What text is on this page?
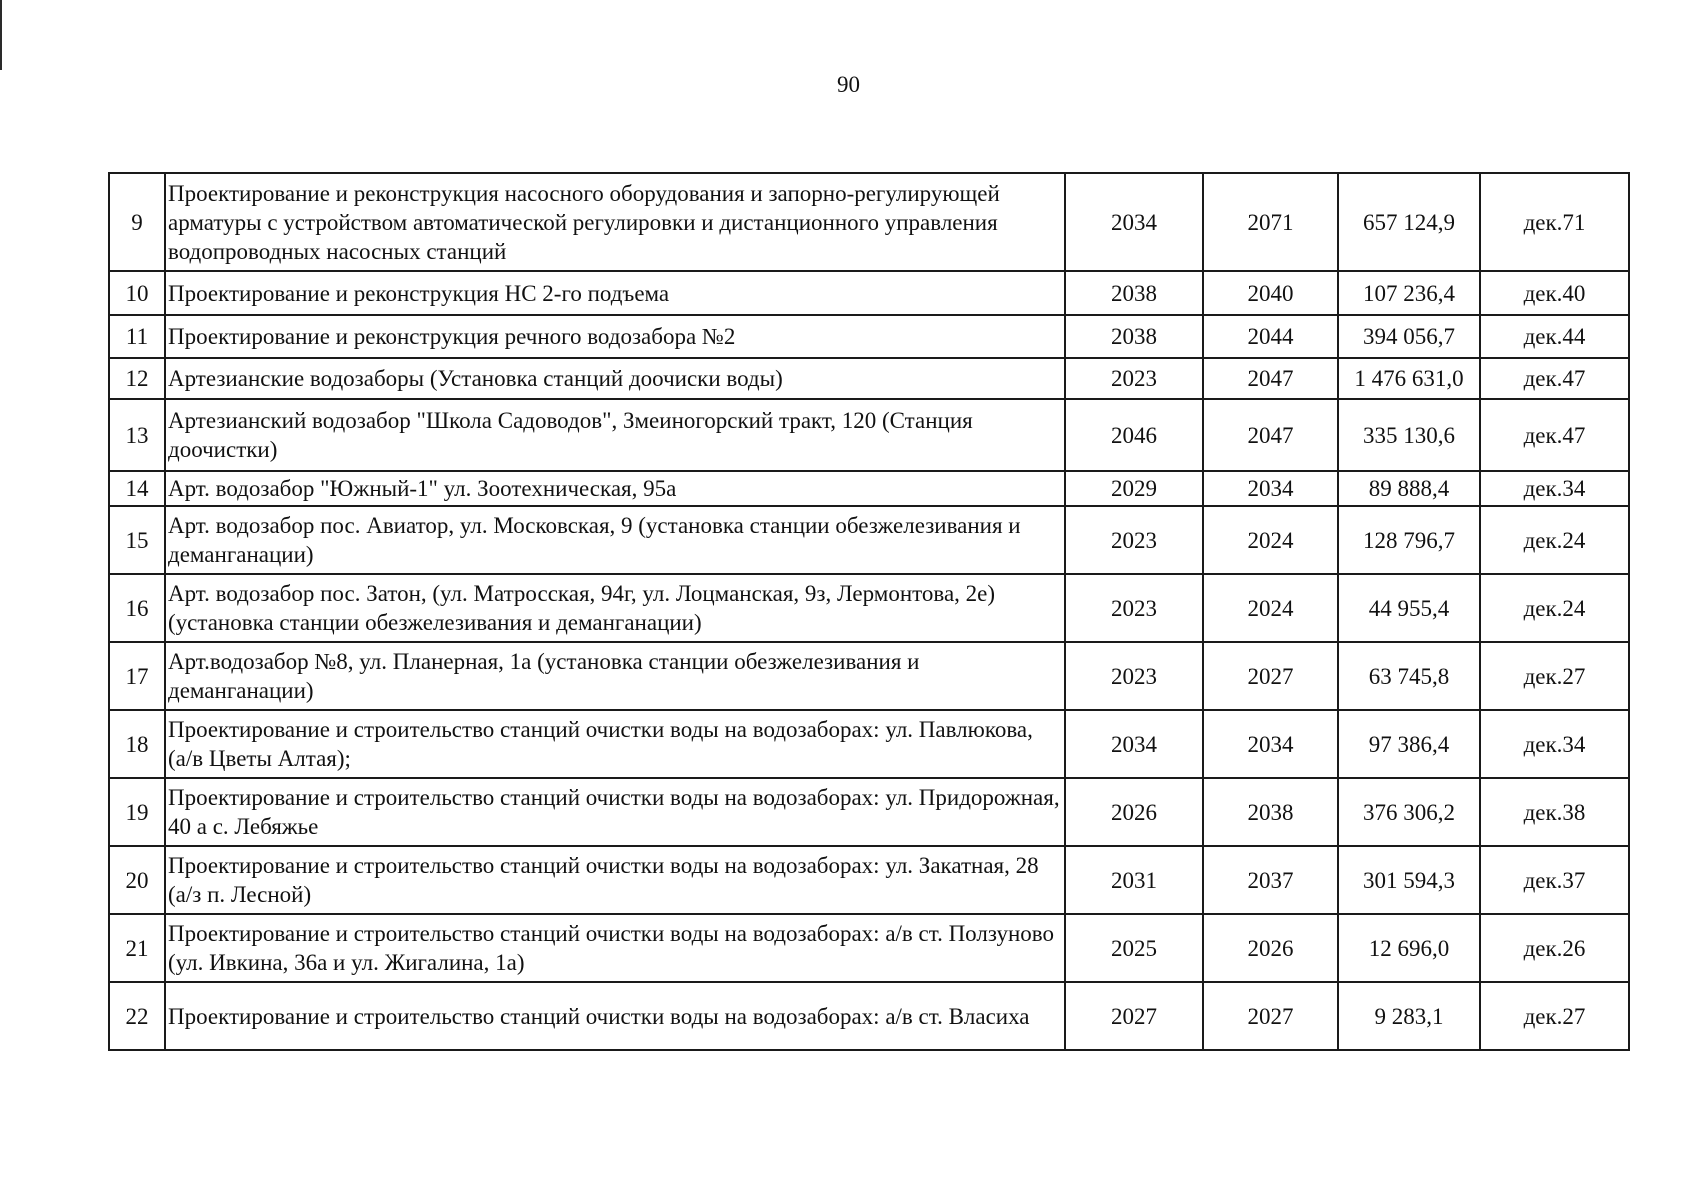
90
9	Проектирование и реконструкция насосного оборудования и запорно-регулирующей арматуры с устройством автоматической регулировки и дистанционного управления водопроводных насосных станций	2034	2071	657 124,9	дек.71
10	Проектирование и реконструкция НС 2-го подъема	2038	2040	107 236,4	дек.40
11	Проектирование и реконструкция речного водозабора №2	2038	2044	394 056,7	дек.44
12	Артезианские водозаборы (Установка станций доочиски воды)	2023	2047	1 476 631,0	дек.47
13	Артезианский водозабор "Школа Садоводов", Змеиногорский тракт, 120 (Станция доочистки)	2046	2047	335 130,6	дек.47
14	Арт. водозабор "Южный-1" ул. Зоотехническая, 95а	2029	2034	89 888,4	дек.34
15	Арт. водозабор пос. Авиатор, ул. Московская, 9 (установка станции обезжелезивания и деманганации)	2023	2024	128 796,7	дек.24
16	Арт. водозабор пос. Затон, (ул. Матросская, 94г, ул. Лоцманская, 9з, Лермонтова, 2е) (установка станции обезжелезивания и деманганации)	2023	2024	44 955,4	дек.24
17	Арт.водозабор №8, ул. Планерная, 1а (установка станции обезжелезивания и деманганации)	2023	2027	63 745,8	дек.27
18	Проектирование и строительство станций очистки воды на водозаборах: ул. Павлюкова, (а/в Цветы Алтая);	2034	2034	97 386,4	дек.34
19	Проектирование и строительство станций очистки воды на водозаборах: ул. Придорожная, 40 а с. Лебяжье	2026	2038	376 306,2	дек.38
20	Проектирование и строительство станций очистки воды на водозаборах: ул. Закатная, 28 (а/з п. Лесной)	2031	2037	301 594,3	дек.37
21	Проектирование и строительство станций очистки воды на водозаборах: а/в ст. Ползуново (ул. Ивкина, 36а и ул. Жигалина, 1а)	2025	2026	12 696,0	дек.26
22	Проектирование и строительство станций очистки воды на водозаборах: а/в ст. Власиха	2027	2027	9 283,1	дек.27
